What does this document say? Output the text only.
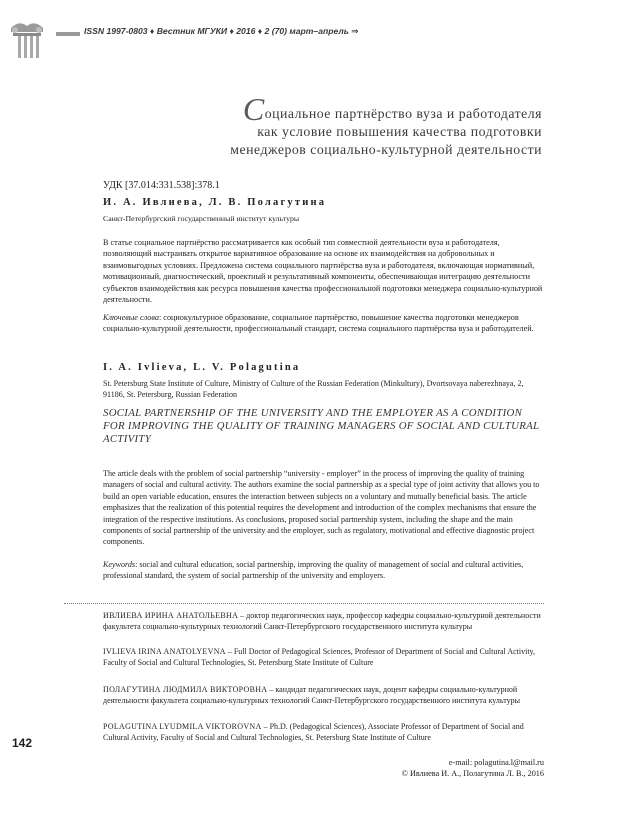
ISSN 1997-0803 ♦ Вестник МГУКИ ♦ 2016 ♦ 2 (70) март–апрель ⇒
Социальное партнёрство вуза и работодателя
как условие повышения качества подготовки
менеджеров социально-культурной деятельности
УДК [37.014:331.538]:378.1
И. А. Ивлиева, Л. В. Полагутина
Санкт-Петербургский государственный институт культуры
В статье социальное партнёрство рассматривается как особый тип совместной деятельности вуза и работодателя, позволяющий выстраивать открытое вариативное образование на основе их взаимодействия на добровольных и взаимовыгодных условиях. Предложена система социального партнёрства вуза и работодателя, включающая нормативный, мотивационный, диагностический, проектный и результативный компоненты, обеспечивающая интеграцию деятельности субъектов взаимодействия как ресурса повышения качества профессиональной подготовки менеджера социально-культурной деятельности.
Ключевые слова: социокультурное образование, социальное партнёрство, повышение качества подготовки менеджеров социально-культурной деятельности, профессиональный стандарт, система социального партнёрства вуза и работодателей.
I. A. Ivlieva, L. V. Polagutina
St. Petersburg State Institute of Culture, Ministry of Culture of the Russian Federation (Minkultury), Dvortsovaya naberezhnaya, 2, 91186, St. Petersburg, Russian Federation
SOCIAL PARTNERSHIP OF THE UNIVERSITY AND THE EMPLOYER AS A CONDITION FOR IMPROVING THE QUALITY OF TRAINING MANAGERS OF SOCIAL AND CULTURAL ACTIVITY
The article deals with the problem of social partnership “university - employer” in the process of improving the quality of training managers of social and cultural activity. The authors examine the social partnership as a special type of joint activity that allows you to build an open variable education, ensures the interaction between subjects on a voluntary and mutually beneficial basis. The article emphasizes that the realization of this potential requires the development and introduction of the complex mechanisms that ensure the integration of the respective institutions. As conclusions, proposed social partnership system, including the shape and the main components of social partnership of the university and the employer, such as regulatory, motivational and effective diagnostic project components.
Keywords: social and cultural education, social partnership, improving the quality of management of social and cultural activities, professional standard, the system of social partnership of the university and employers.
ИВЛИЕВА ИРИНА АНАТОЛЬЕВНА – доктор педагогических наук, профессор кафедры социально-культурной деятельности факультета социально-культурных технологий Санкт-Петербургского государственного института культуры
IVLIEVA IRINA ANATOLYEVNA – Full Doctor of Pedagogical Sciences, Professor of Department of Social and Cultural Activity, Faculty of Social and Cultural Technologies, St. Petersburg State Institute of Culture
ПОЛАГУТИНА ЛЮДМИЛА ВИКТОРОВНА – кандидат педагогических наук, доцент кафедры социально-культурной деятельности факультета социально-культурных технологий Санкт-Петербургского государственного института культуры
POLAGUTINA LYUDMILA VIKTOROVNA – Ph.D. (Pedagogical Sciences), Associate Professor of Department of Social and Cultural Activity, Faculty of Social and Cultural Technologies, St. Petersburg State Institute of Culture
142
e-mail: polagutina.l@mail.ru
© Ивлиева И. А., Полагутина Л. В., 2016
